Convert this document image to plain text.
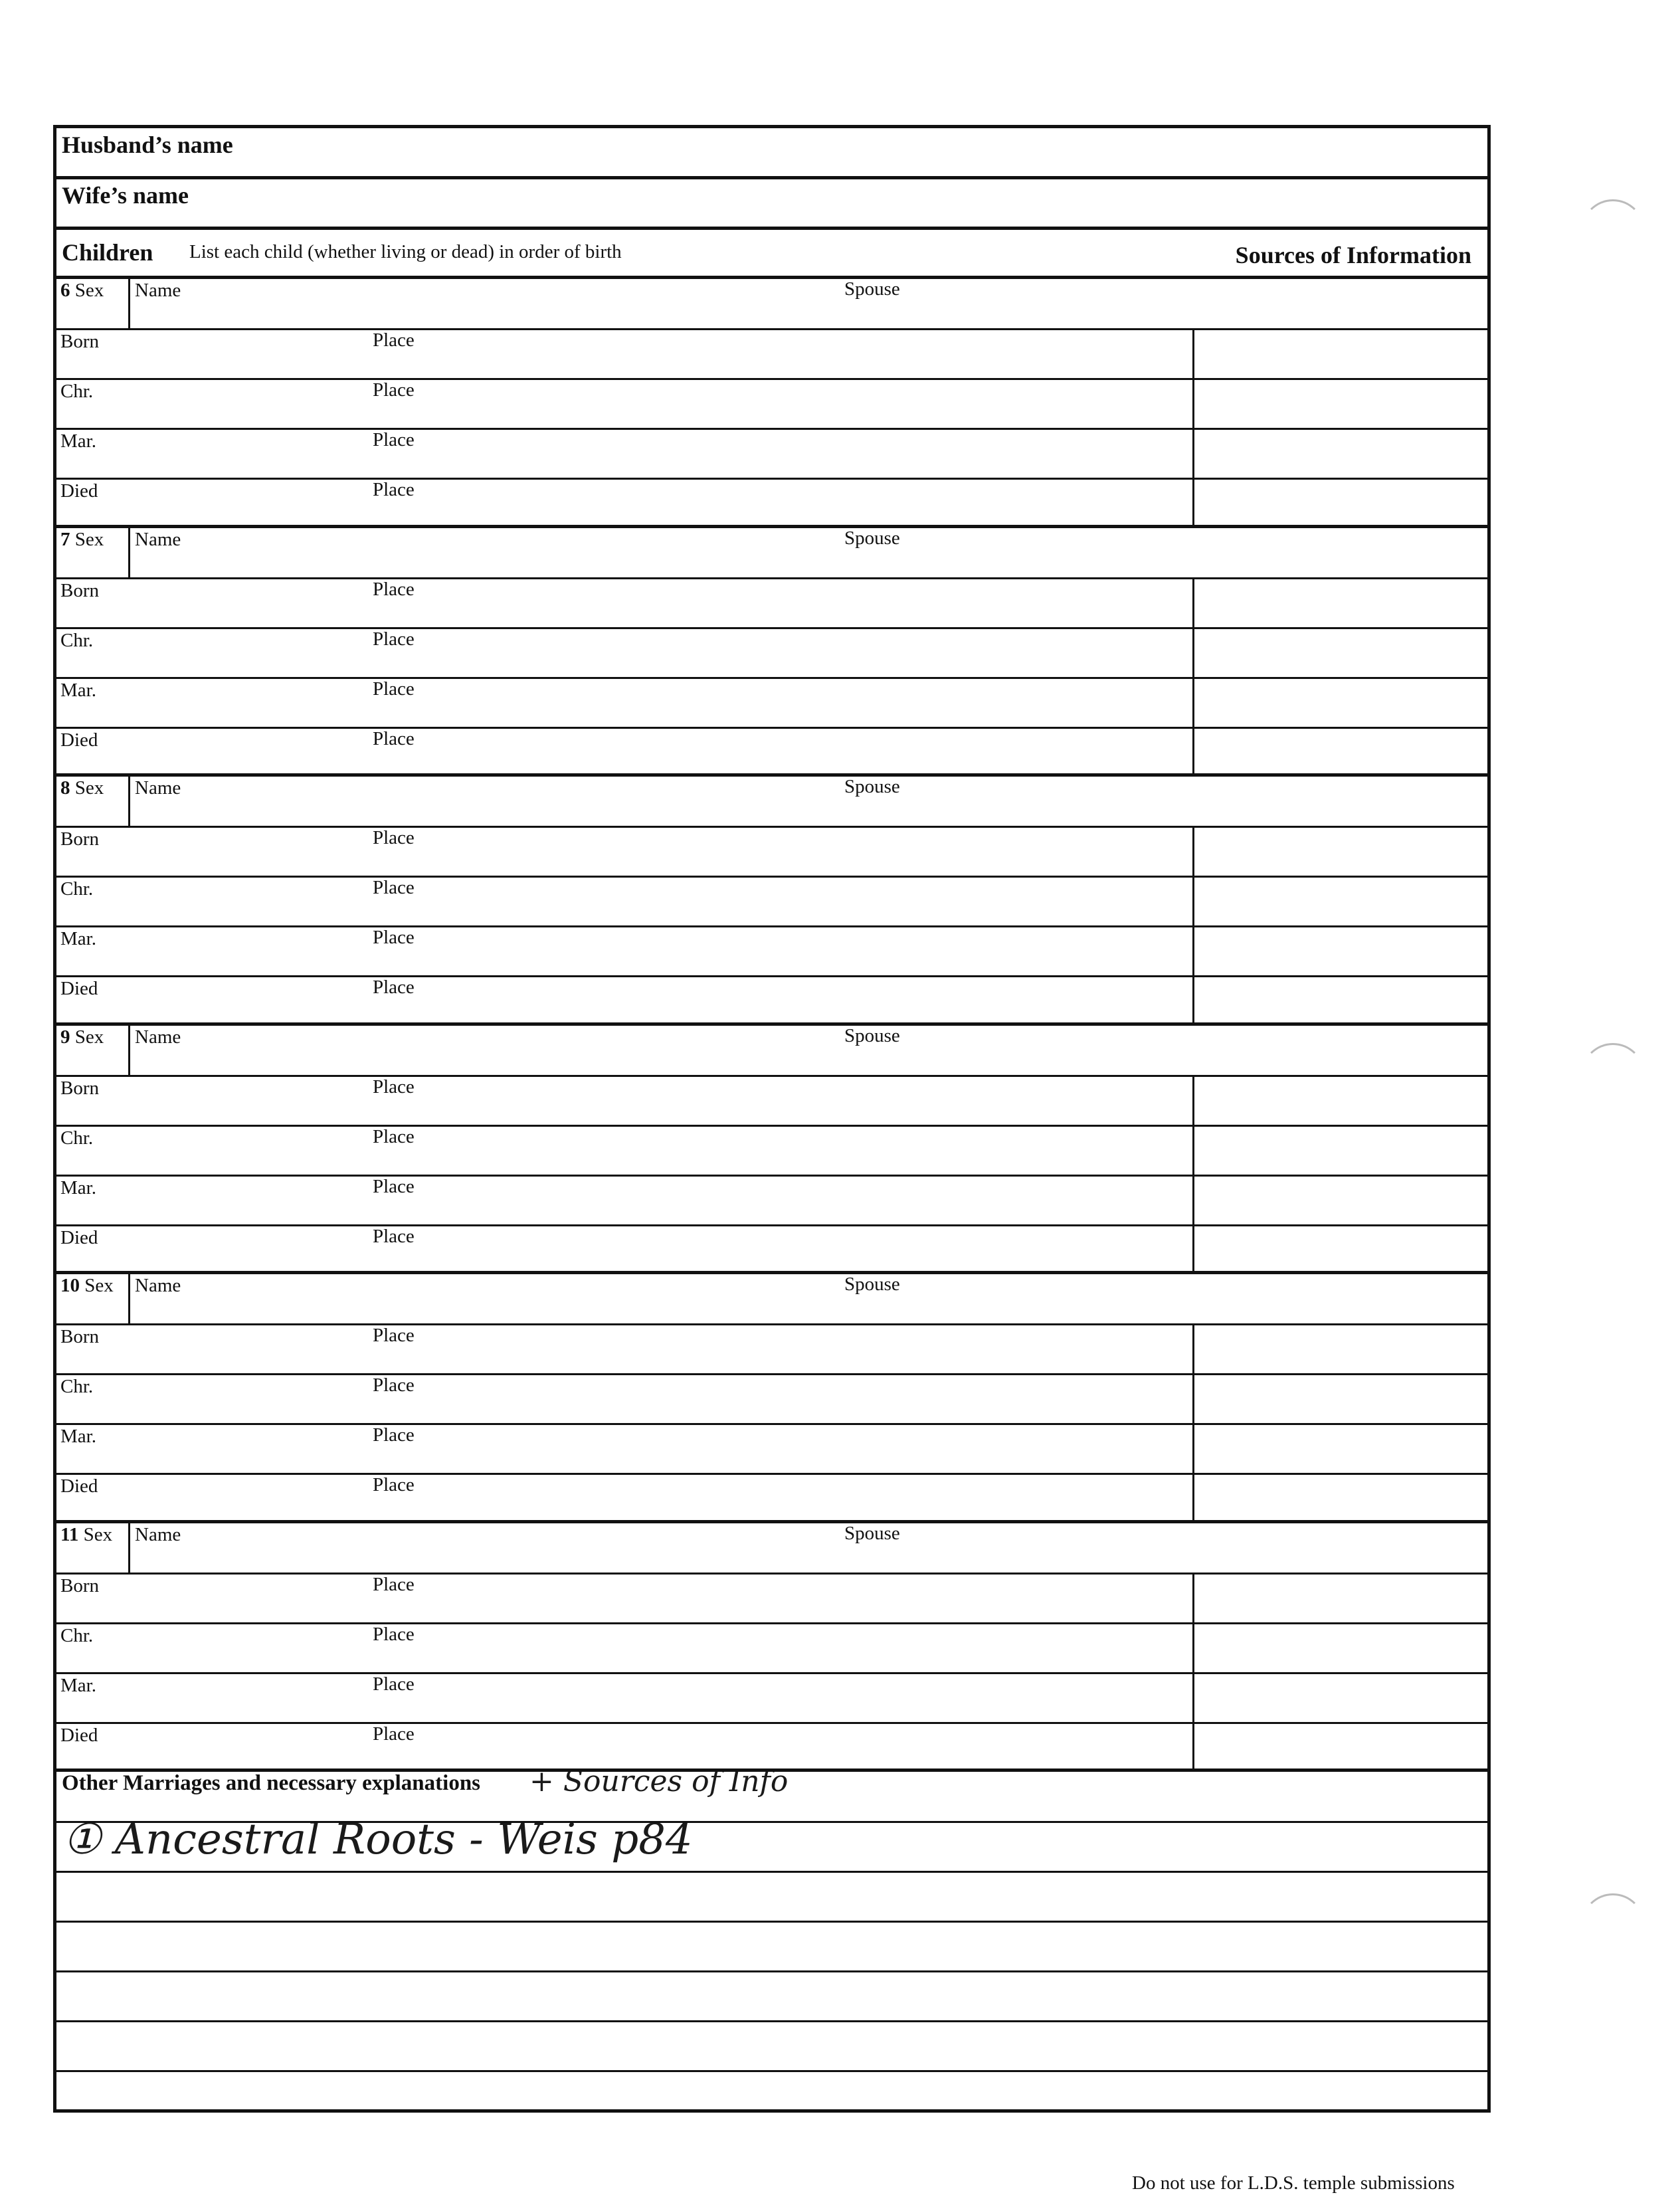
Husband’s name
Wife’s name
Children List each child (whether living or dead) in order of birth	Sources of Information
6 Sex Name	Spouse
Born	Place
Chr.	Place
Mar.	Place
Died	Place
7 Sex Name	Spouse
Born	Place
Chr.	Place
Mar.	Place
Died	Place
8 Sex Name	Spouse
Born	Place
Chr.	Place
Mar.	Place
Died	Place
9 Sex Name	Spouse
Born	Place
Chr.	Place
Mar.	Place
Died	Place
10 Sex Name	Spouse
Born	Place
Chr.	Place
Mar.	Place
Died	Place
11 Sex Name	Spouse
Born	Place
Chr.	Place
Mar.	Place
Died	Place
Other Marriages and necessary explanations + Sources of Info
① Ancestral Roots - Weis p84
Do not use for L.D.S. temple submissions
